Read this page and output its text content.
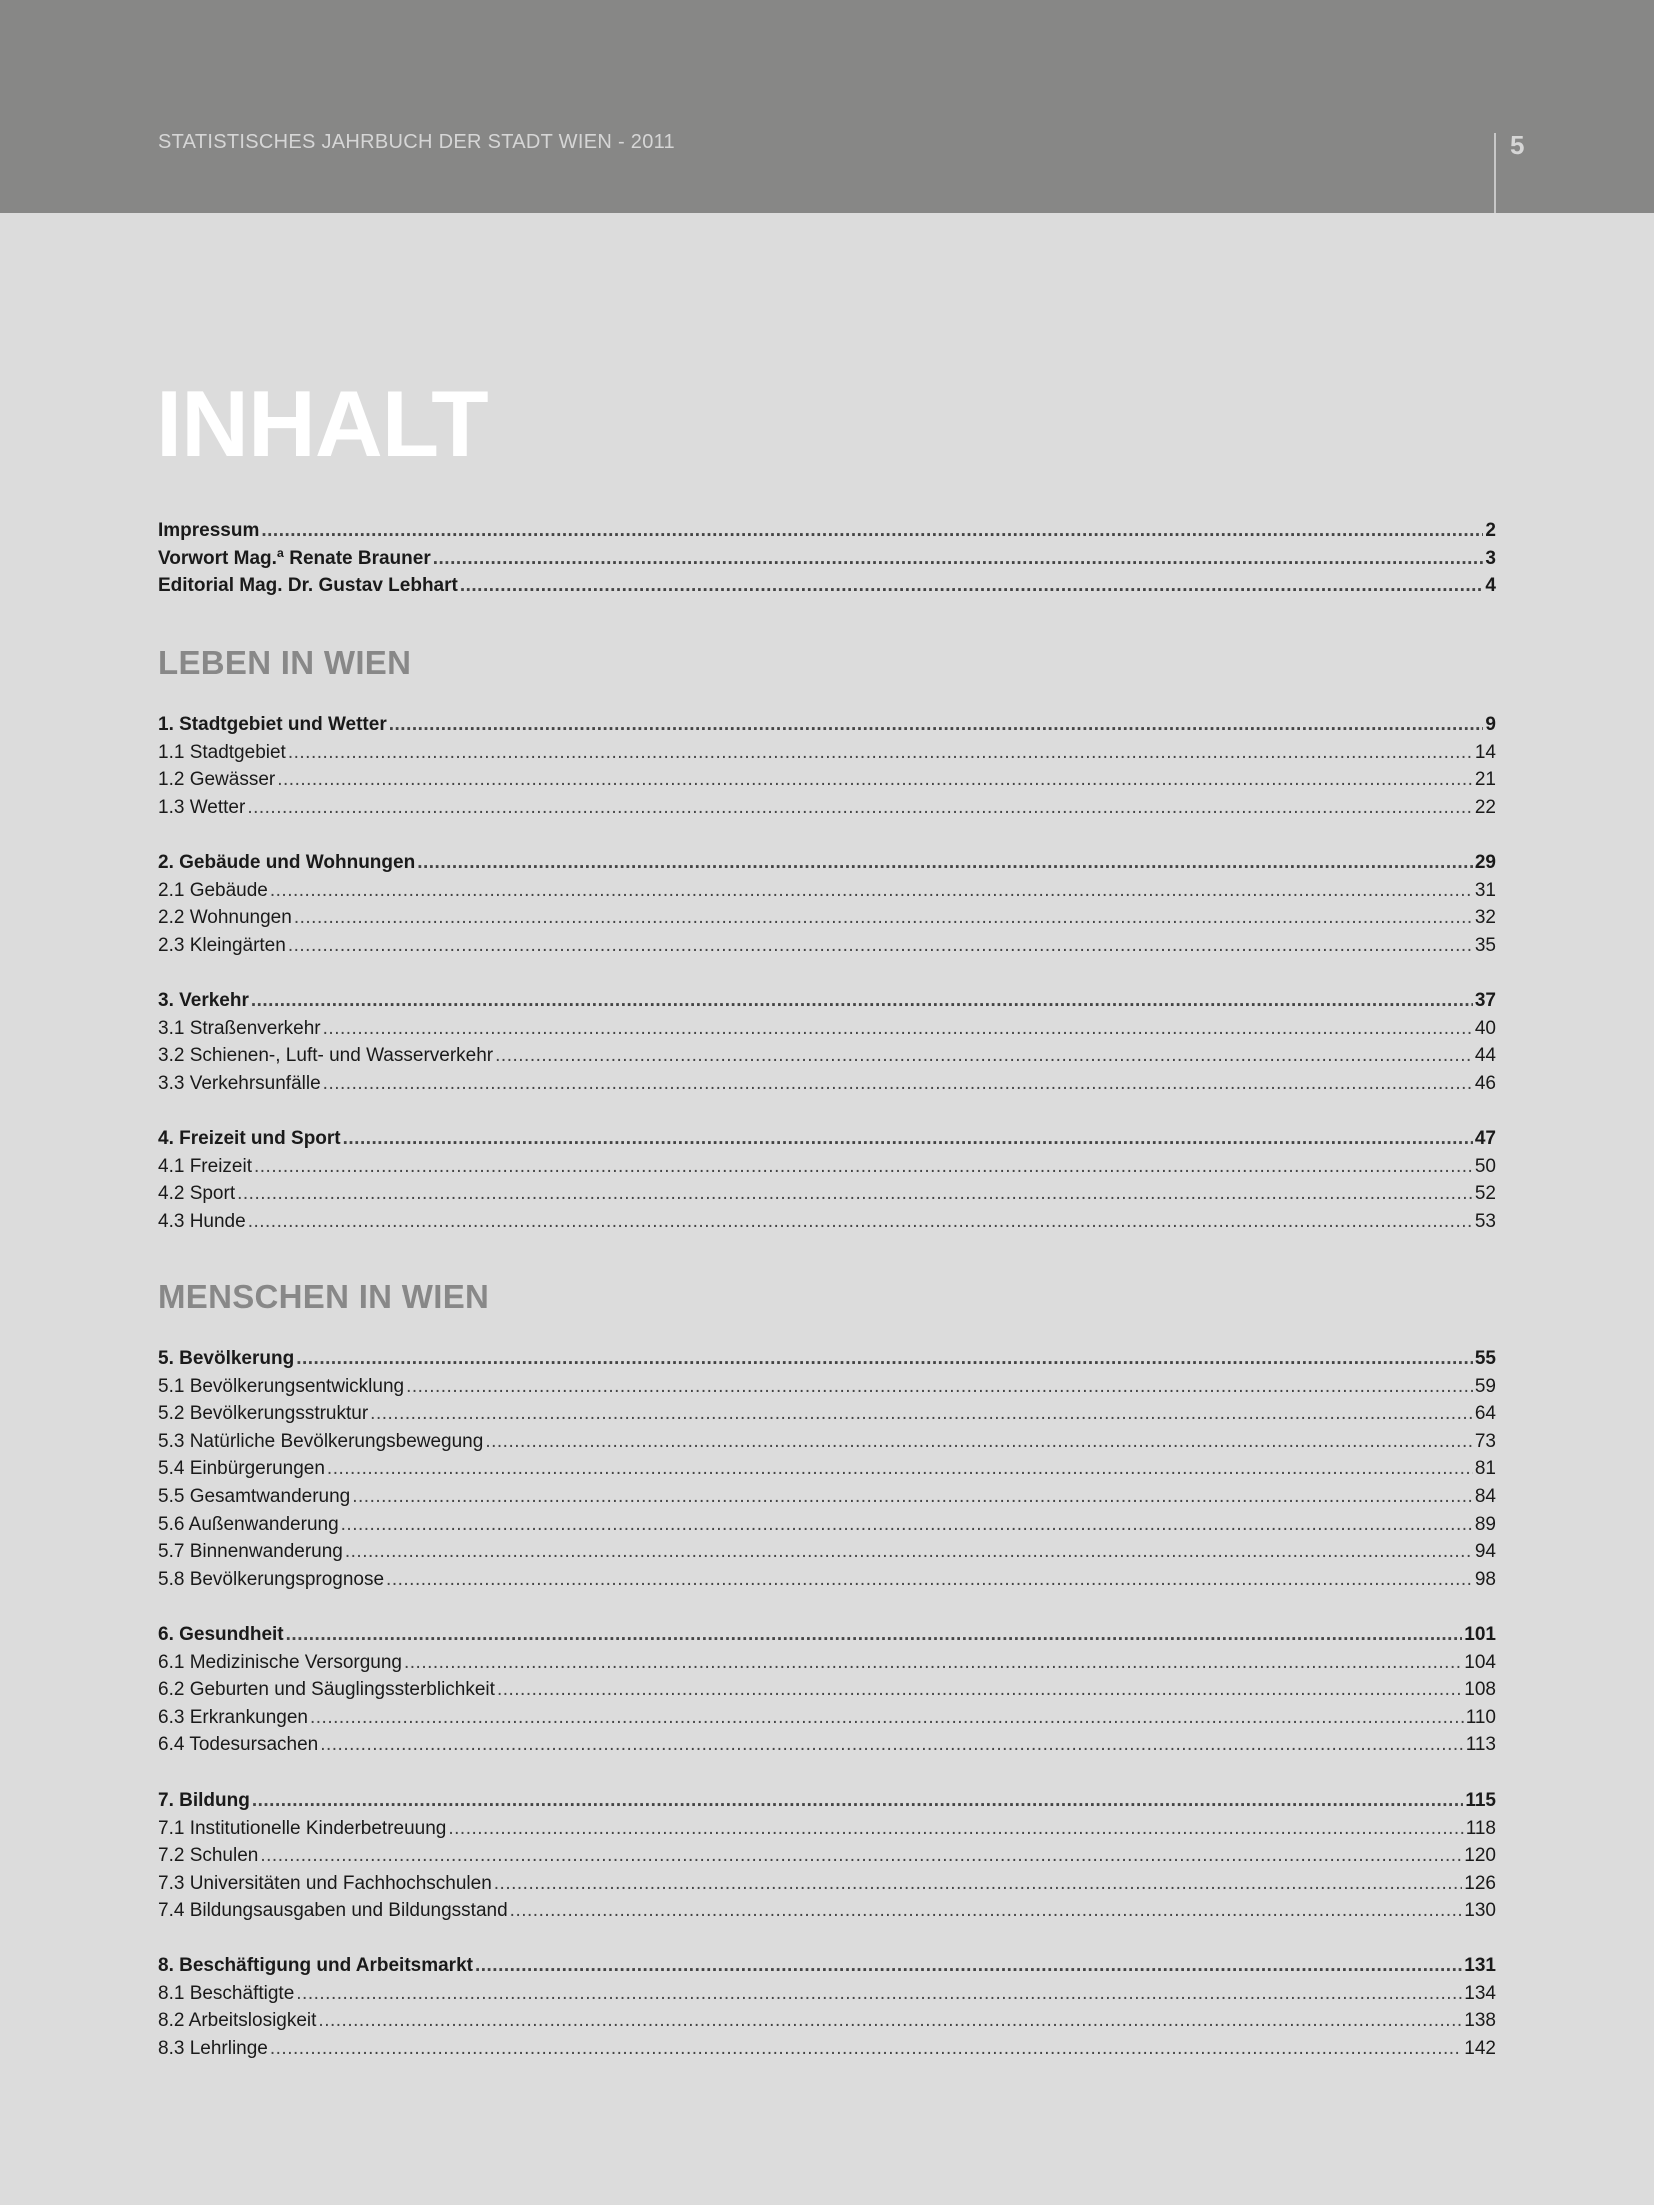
STATISTISCHES JAHRBUCH DER STADT WIEN - 2011	5
INHALT
Impressum .....	2
Vorwort Mag.ª Renate Brauner .....	3
Editorial Mag. Dr. Gustav Lebhart .....	4
LEBEN IN WIEN
1. Stadtgebiet und Wetter .....	9
1.1 Stadtgebiet .....	14
1.2 Gewässer .....	21
1.3 Wetter .....	22
2. Gebäude und Wohnungen .....	29
2.1 Gebäude .....	31
2.2 Wohnungen .....	32
2.3 Kleingärten .....	35
3. Verkehr .....	37
3.1 Straßenverkehr .....	40
3.2 Schienen-, Luft- und Wasserverkehr .....	44
3.3 Verkehrsunfälle .....	46
4. Freizeit und Sport .....	47
4.1 Freizeit .....	50
4.2 Sport .....	52
4.3 Hunde .....	53
MENSCHEN IN WIEN
5. Bevölkerung .....	55
5.1 Bevölkerungsentwicklung .....	59
5.2 Bevölkerungsstruktur .....	64
5.3 Natürliche Bevölkerungsbewegung .....	73
5.4 Einbürgerungen .....	81
5.5 Gesamtwanderung .....	84
5.6 Außenwanderung .....	89
5.7 Binnenwanderung .....	94
5.8 Bevölkerungsprognose .....	98
6. Gesundheit .....	101
6.1 Medizinische Versorgung .....	104
6.2 Geburten und Säuglingssterblichkeit .....	108
6.3 Erkrankungen .....	110
6.4 Todesursachen .....	113
7. Bildung .....	115
7.1 Institutionelle Kinderbetreuung .....	118
7.2 Schulen .....	120
7.3 Universitäten und Fachhochschulen .....	126
7.4 Bildungsausgaben und Bildungsstand .....	130
8. Beschäftigung und Arbeitsmarkt .....	131
8.1 Beschäftigte .....	134
8.2 Arbeitslosigkeit .....	138
8.3 Lehrlinge .....	142
